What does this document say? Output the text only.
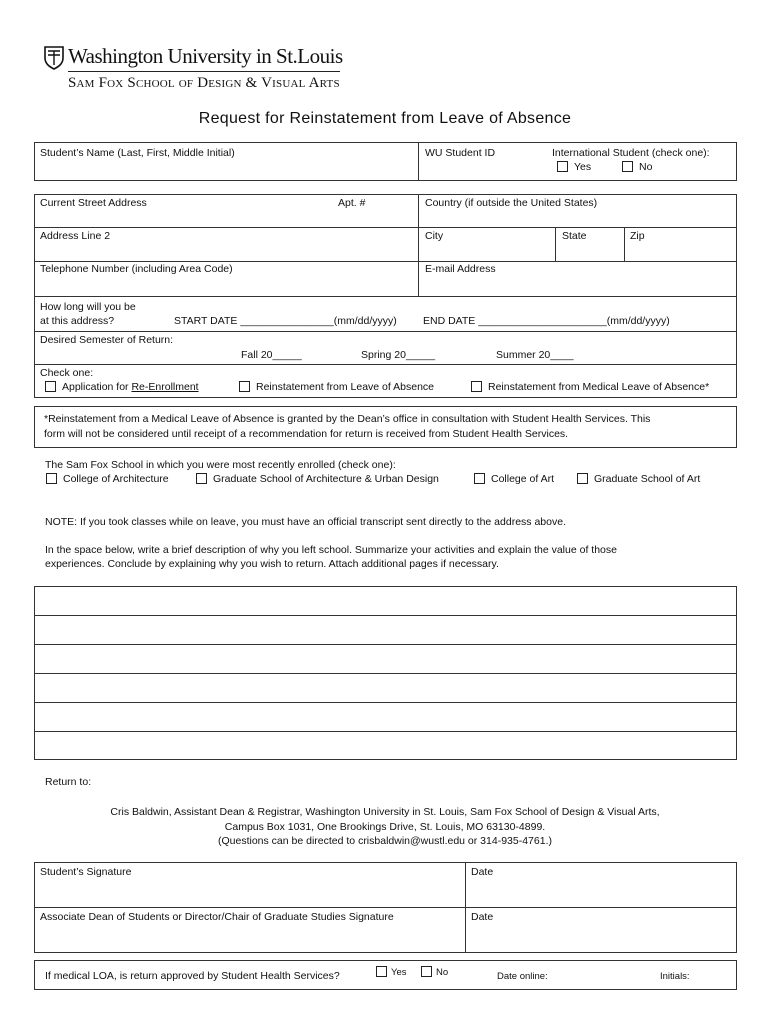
Washington University in St.Louis
Sam Fox School of Design & Visual Arts
Request for Reinstatement from Leave of Absence
Student’s Name (Last, First, Middle Initial)	WU Student ID	International Student (check one):
Yes	No
Current Street Address	Apt. #	Country (if outside the United States)
Address Line 2	City	State	Zip
Telephone Number (including Area Code)	E-mail Address
How long will you be
at this address?	START DATE ________________(mm/dd/yyyy) END DATE ______________________(mm/dd/yyyy)
Desired Semester of Return:
Fall 20_____	Spring 20_____	Summer 20____
Check one:
Application for Re-Enrollment	Reinstatement from Leave of Absence	Reinstatement from Medical Leave of Absence*
*Reinstatement from a Medical Leave of Absence is granted by the Dean’s office in consultation with Student Health Services. This
form will not be considered until receipt of a recommendation for return is received from Student Health Services.
The Sam Fox School in which you were most recently enrolled (check one):
College of Architecture	Graduate School of Architecture & Urban Design	College of Art	Graduate School of Art
NOTE: If you took classes while on leave, you must have an official transcript sent directly to the address above.
In the space below, write a brief description of why you left school. Summarize your activities and explain the value of those
experiences. Conclude by explaining why you wish to return. Attach additional pages if necessary.
Return to:
Cris Baldwin, Assistant Dean & Registrar, Washington University in St. Louis, Sam Fox School of Design & Visual Arts,
Campus Box 1031, One Brookings Drive, St. Louis, MO 63130-4899.
(Questions can be directed to crisbaldwin@wustl.edu or 314-935-4761.)
Student’s Signature	Date
Associate Dean of Students or Director/Chair of Graduate Studies Signature	Date
If medical LOA, is return approved by Student Health Services?	Yes	No	Date online:	Initials:
